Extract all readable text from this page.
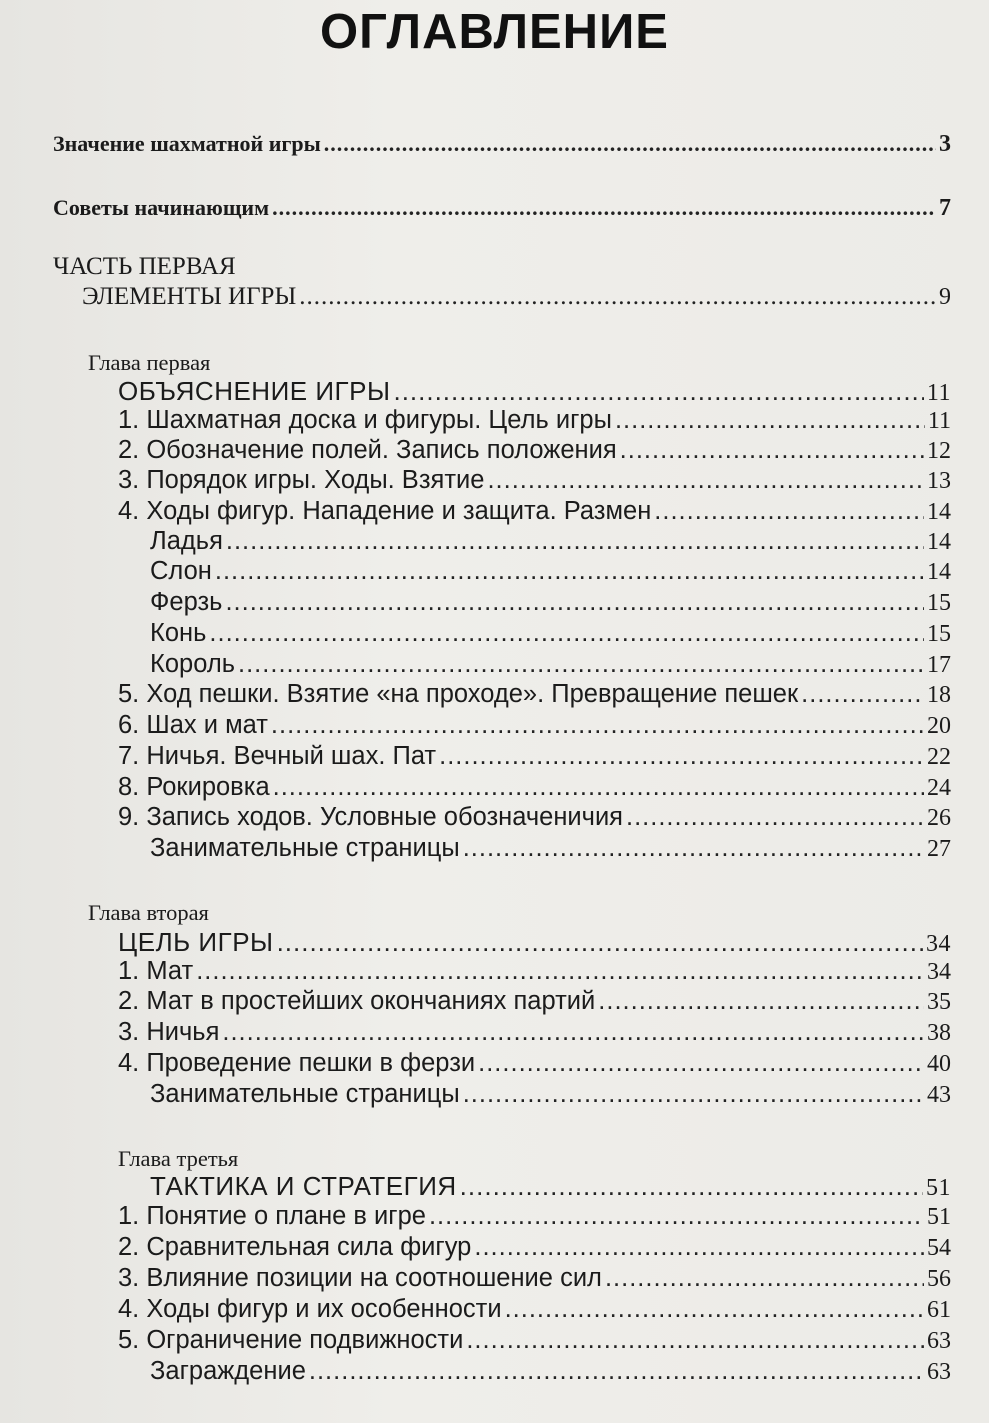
ОГЛАВЛЕНИЕ
Значение шахматной игры .....	3
Советы начинающим .....	7
ЧАСТЬ ПЕРВАЯ
ЭЛЕМЕНТЫ ИГРЫ .....	9
Глава первая
ОБЪЯСНЕНИЕ ИГРЫ .....	11
1. Шахматная доска и фигуры. Цель игры .....	11
2. Обозначение полей. Запись положения .....	12
3. Порядок игры. Ходы. Взятие .....	13
4. Ходы фигур. Нападение и защита. Размен .....	14
Ладья .....	14
Слон .....	14
Ферзь .....	15
Конь .....	15
Король .....	17
5. Ход пешки. Взятие «на проходе». Превращение пешек .....	18
6. Шах и мат .....	20
7. Ничья. Вечный шах. Пат .....	22
8. Рокировка .....	24
9. Запись ходов. Условные обозначеничия .....	26
Занимательные страницы .....	27
Глава вторая
ЦЕЛЬ ИГРЫ .....	34
1. Мат .....	34
2. Мат в простейших окончаниях партий .....	35
3. Ничья .....	38
4. Проведение пешки в ферзи .....	40
Занимательные страницы .....	43
Глава третья
ТАКТИКА И СТРАТЕГИЯ .....	51
1. Понятие о плане в игре .....	51
2. Сравнительная сила фигур .....	54
3. Влияние позиции на соотношение сил .....	56
4. Ходы фигур и их особенности .....	61
5. Ограничение подвижности .....	63
Заграждение .....	63
